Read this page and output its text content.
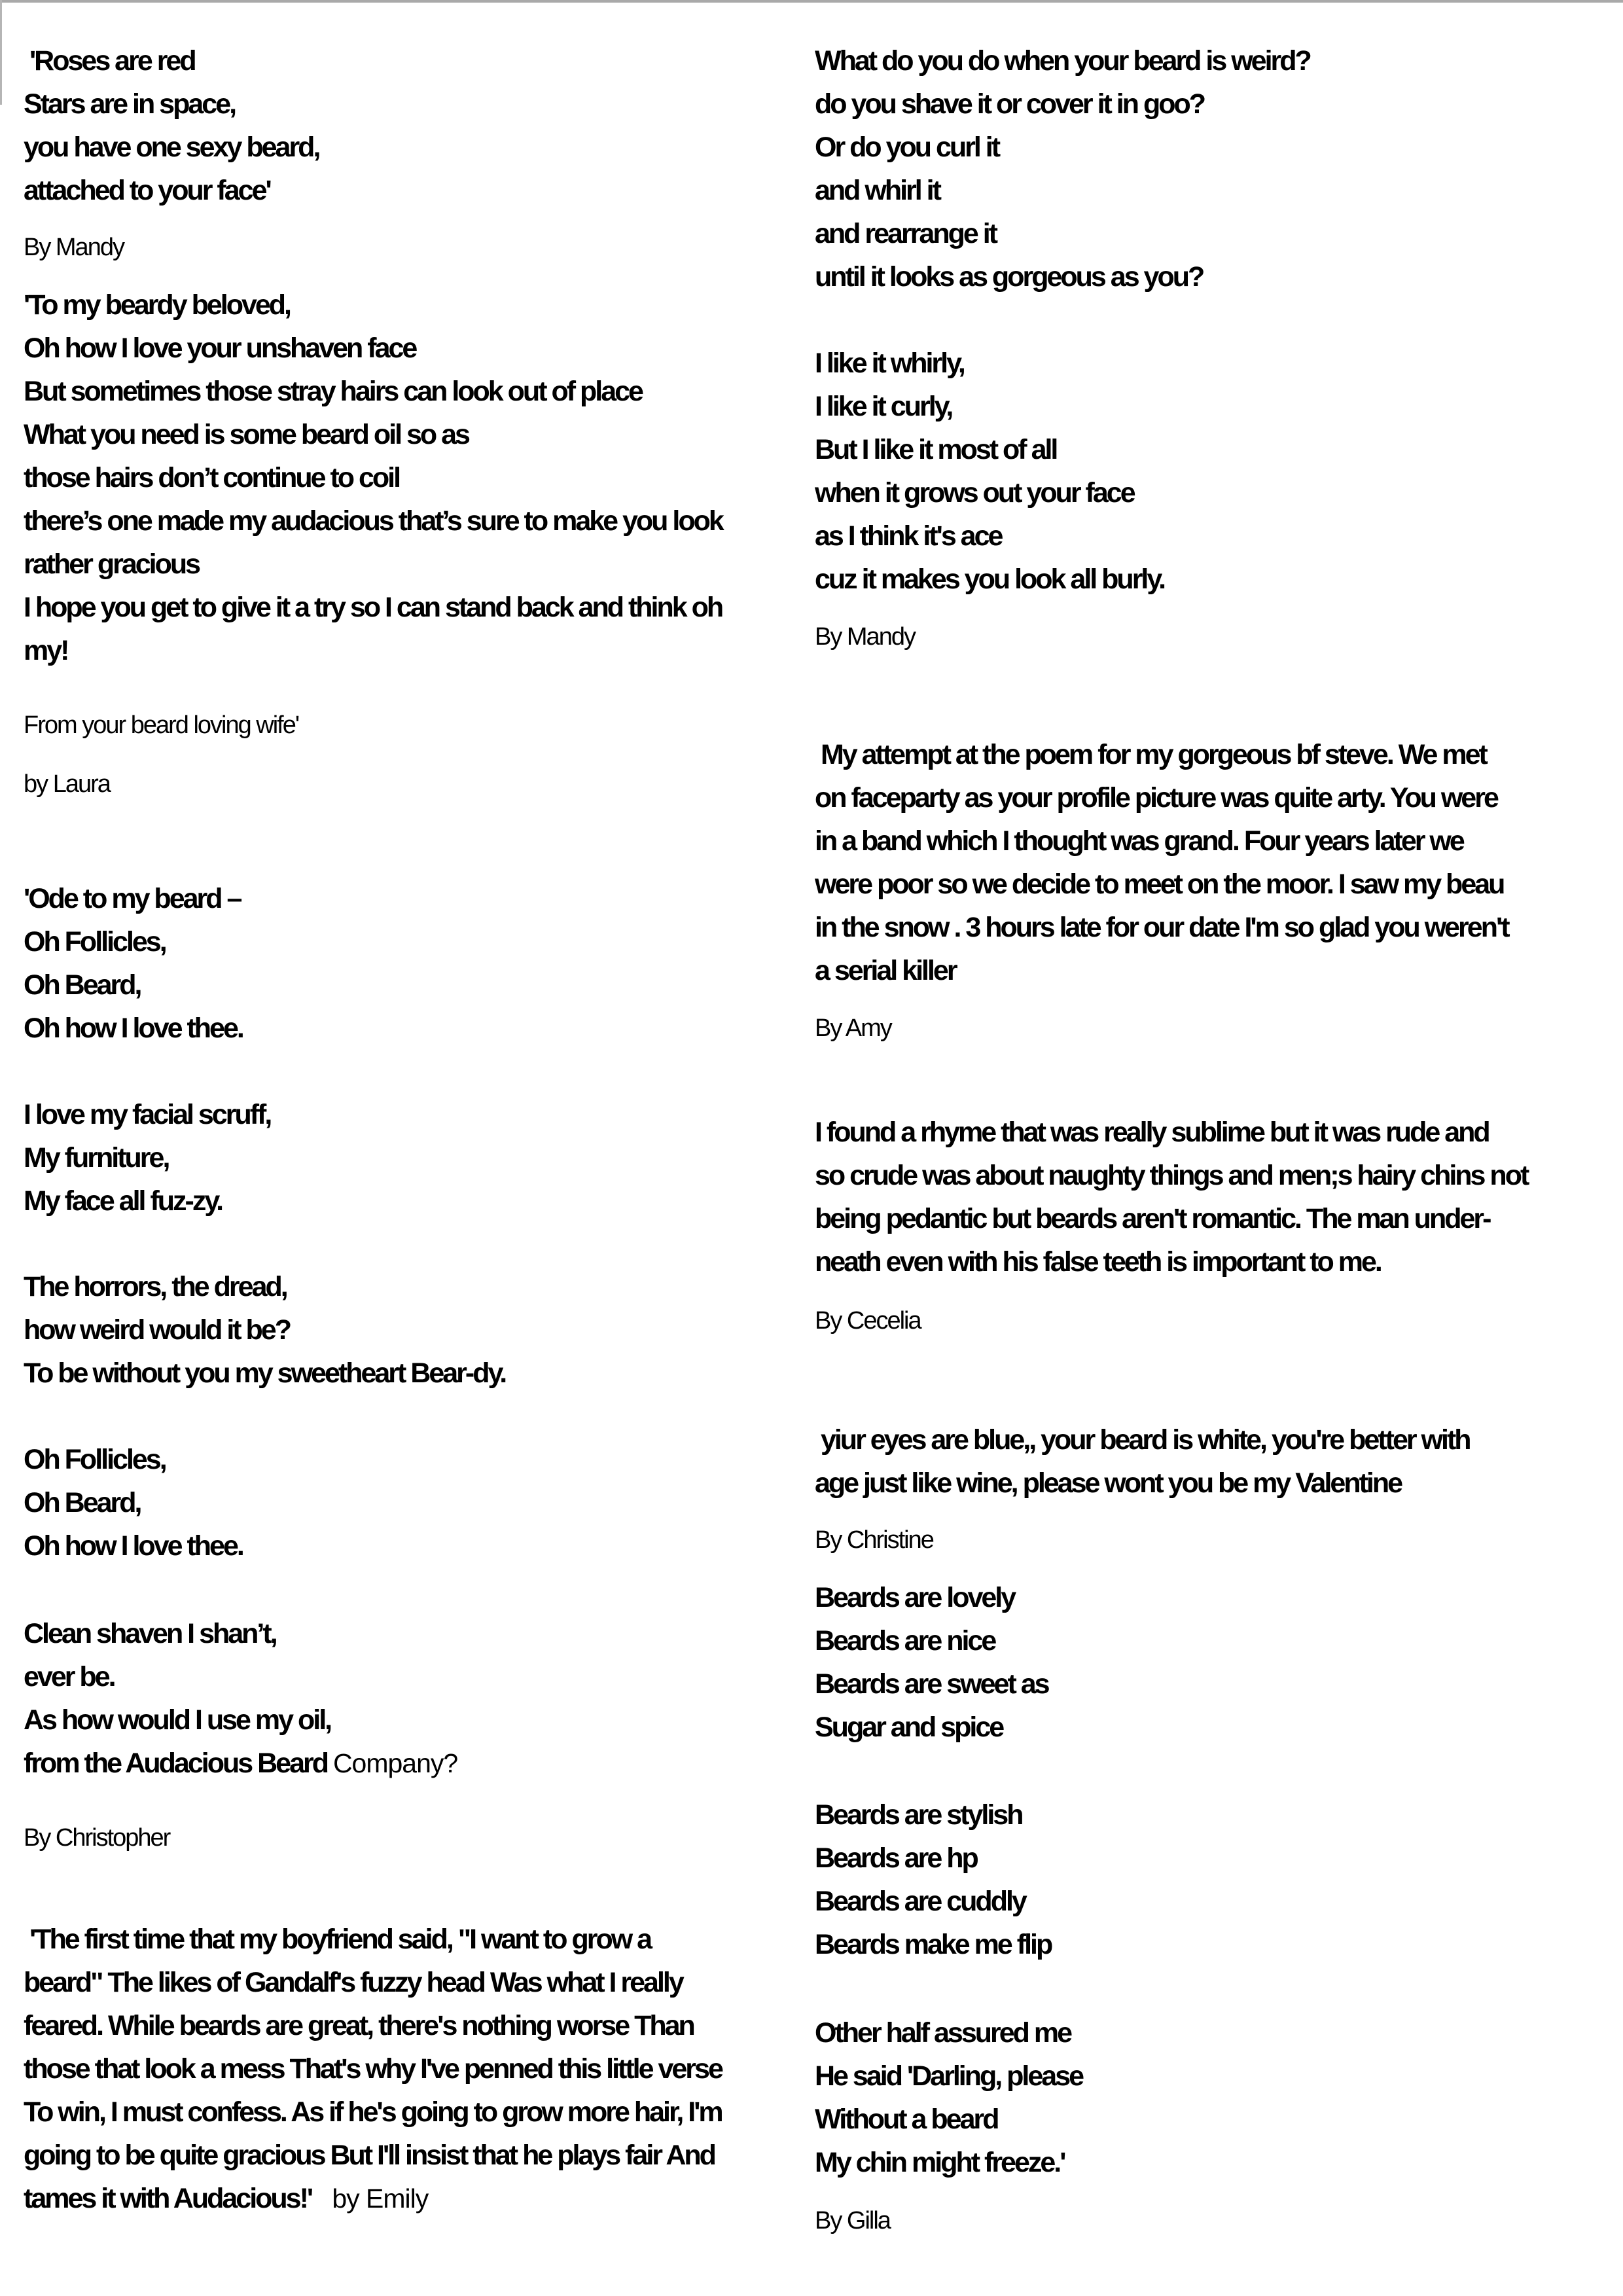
'Roses are red
Stars are in space,
you have one sexy beard,
attached to your face'
By Mandy
'To my beardy beloved,
Oh how I love your unshaven face
But sometimes those stray hairs can look out of place
What you need is some beard oil so as
those hairs don’t continue to coil
there’s one made my audacious that’s sure to make you look
rather gracious
I hope you get to give it a try so I can stand back and think oh
my!
From your beard loving wife'
by Laura
'Ode to my beard –
Oh Follicles,
Oh Beard,
Oh how I love thee.
I love my facial scruff,
My furniture,
My face all fuz-zy.
The horrors, the dread,
how weird would it be?
To be without you my sweetheart Bear-dy.
Oh Follicles,
Oh Beard,
Oh how I love thee.
Clean shaven I shan’t,
ever be.
As how would I use my oil,
from the Audacious Beard Company?
By Christopher
'The first time that my boyfriend said, "I want to grow a
beard" The likes of Gandalf's fuzzy head Was what I really
feared. While beards are great, there's nothing worse Than
those that look a mess That's why I've penned this little verse
To win, I must confess. As if he's going to grow more hair, I'm
going to be quite gracious But I'll insist that he plays fair And
tames it with Audacious!'   by Emily
What do you do when your beard is weird?
do you shave it or cover it in goo?
Or do you curl it
and whirl it
and rearrange it
until it looks as gorgeous as you?
I like it whirly,
I like it curly,
But I like it most of all
when it grows out your face
as I think it's ace
cuz it makes you look all burly.
By Mandy
My attempt at the poem for my gorgeous bf steve. We met
on faceparty as your profile picture was quite arty. You were
in a band which I thought was grand. Four years later we
were poor so we decide to meet on the moor. I saw my beau
in the snow . 3 hours late for our date I'm so glad you weren't
a serial killer
By Amy
I found a rhyme that was really sublime but it was rude and
so crude was about naughty things and men;s hairy chins not
being pedantic but beards aren't romantic. The man under-
neath even with his false teeth is important to me.
By Cecelia
yiur eyes are blue,, your beard is white, you're better with
age just like wine, please wont you be my Valentine
By Christine
Beards are lovely
Beards are nice
Beards are sweet as
Sugar and spice
Beards are stylish
Beards are hp
Beards are cuddly
Beards make me flip
Other half assured me
He said 'Darling, please
Without a beard
My chin might freeze.'
By Gilla
